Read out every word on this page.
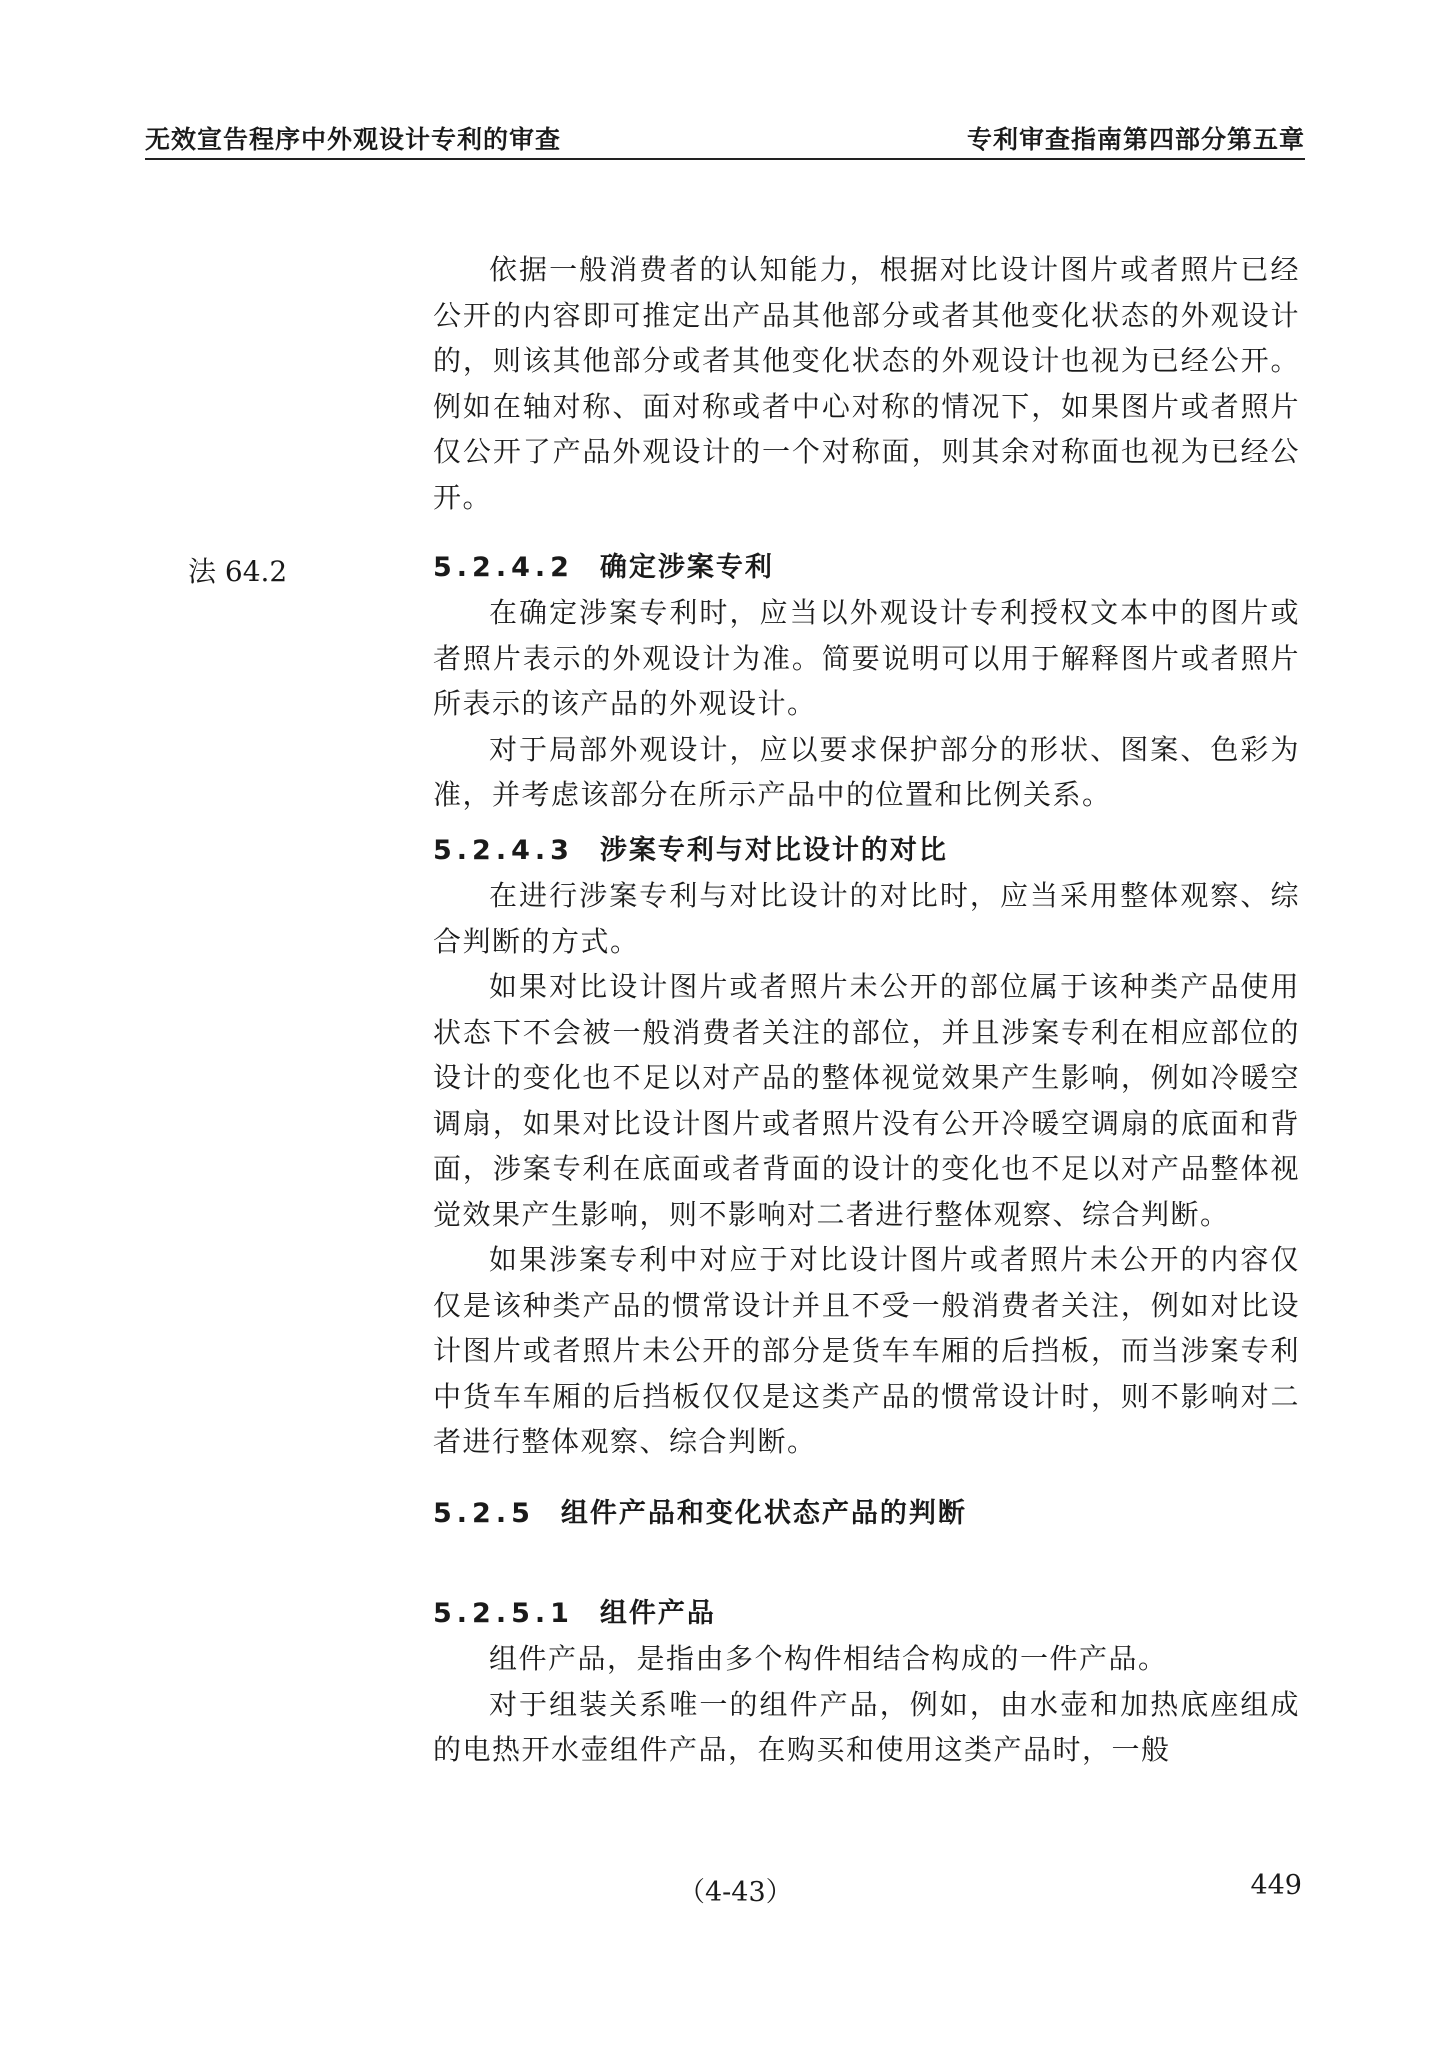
无效宣告程序中外观设计专利的审查	专利审查指南第四部分第五章

依据一般消费者的认知能力，根据对比设计图片或者照片已经公开的内容即可推定出产品其他部分或者其他变化状态的外观设计的，则该其他部分或者其他变化状态的外观设计也视为已经公开。例如在轴对称、面对称或者中心对称的情况下，如果图片或者照片仅公开了产品外观设计的一个对称面，则其余对称面也视为已经公开。

法 64.2	5.2.4.2 确定涉案专利

在确定涉案专利时，应当以外观设计专利授权文本中的图片或者照片表示的外观设计为准。简要说明可以用于解释图片或者照片所表示的该产品的外观设计。

对于局部外观设计，应以要求保护部分的形状、图案、色彩为准，并考虑该部分在所示产品中的位置和比例关系。

5.2.4.3 涉案专利与对比设计的对比

在进行涉案专利与对比设计的对比时，应当采用整体观察、综合判断的方式。

如果对比设计图片或者照片未公开的部位属于该种类产品使用状态下不会被一般消费者关注的部位，并且涉案专利在相应部位的设计的变化也不足以对产品的整体视觉效果产生影响，例如冷暖空调扇，如果对比设计图片或者照片没有公开冷暖空调扇的底面和背面，涉案专利在底面或者背面的设计的变化也不足以对产品整体视觉效果产生影响，则不影响对二者进行整体观察、综合判断。

如果涉案专利中对应于对比设计图片或者照片未公开的内容仅仅是该种类产品的惯常设计并且不受一般消费者关注，例如对比设计图片或者照片未公开的部分是货车车厢的后挡板，而当涉案专利中货车车厢的后挡板仅仅是这类产品的惯常设计时，则不影响对二者进行整体观察、综合判断。

5.2.5 组件产品和变化状态产品的判断
5.2.5.1 组件产品

组件产品，是指由多个构件相结合构成的一件产品。

对于组装关系唯一的组件产品，例如，由水壶和加热底座组成的电热开水壶组件产品，在购买和使用这类产品时，一般

（4-43）	449
